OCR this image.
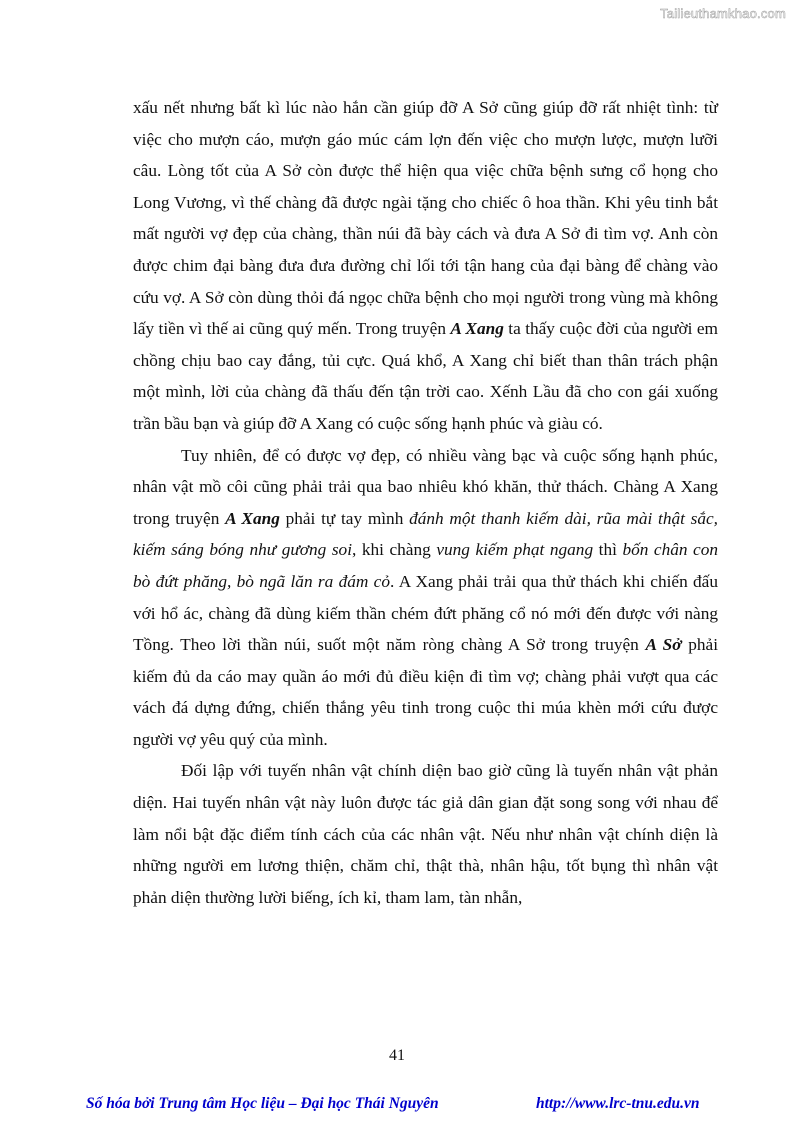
Tailieuthamkhao.com

xấu nết nhưng bất kì lúc nào hắn cần giúp đỡ A Sở cũng giúp đỡ rất nhiệt tình: từ việc cho mượn cáo, mượn gáo múc cám lợn đến việc cho mượn lược, mượn lưỡi câu. Lòng tốt của A Sở còn được thể hiện qua việc chữa bệnh sưng cổ họng cho Long Vương, vì thế chàng đã được ngài tặng cho chiếc ô hoa thần. Khi yêu tinh bắt mất người vợ đẹp của chàng, thần núi đã bày cách và đưa A Sở đi tìm vợ. Anh còn được chim đại bàng đưa đưa đường chỉ lối tới tận hang của đại bàng để chàng vào cứu vợ. A Sở còn dùng thỏi đá ngọc chữa bệnh cho mọi người trong vùng mà không lấy tiền vì thế ai cũng quý mến. Trong truyện A Xang ta thấy cuộc đời của người em chồng chịu bao cay đắng, tủi cực. Quá khổ, A Xang chỉ biết than thân trách phận một mình, lời của chàng đã thấu đến tận trời cao. Xếnh Lầu đã cho con gái xuống trần bầu bạn và giúp đỡ A Xang có cuộc sống hạnh phúc và giàu có.

Tuy nhiên, để có được vợ đẹp, có nhiều vàng bạc và cuộc sống hạnh phúc, nhân vật mồ côi cũng phải trải qua bao nhiêu khó khăn, thử thách. Chàng A Xang trong truyện A Xang phải tự tay mình đánh một thanh kiếm dài, rũa mài thật sắc, kiếm sáng bóng như gương soi, khi chàng vung kiếm phạt ngang thì bốn chân con bò đứt phăng, bò ngã lăn ra đám cỏ. A Xang phải trải qua thử thách khi chiến đấu với hổ ác, chàng đã dùng kiếm thần chém đứt phăng cổ nó mới đến được với nàng Tồng. Theo lời thần núi, suốt một năm ròng chàng A Sở trong truyện A Sở phải kiếm đủ da cáo may quần áo mới đủ điều kiện đi tìm vợ; chàng phải vượt qua các vách đá dựng đứng, chiến thắng yêu tinh trong cuộc thi múa khèn mới cứu được người vợ yêu quý của mình.

Đối lập với tuyến nhân vật chính diện bao giờ cũng là tuyến nhân vật phản diện. Hai tuyến nhân vật này luôn được tác giả dân gian đặt song song với nhau để làm nổi bật đặc điểm tính cách của các nhân vật. Nếu như nhân vật chính diện là những người em lương thiện, chăm chỉ, thật thà, nhân hậu, tốt bụng thì nhân vật phản diện thường lười biếng, ích kỉ, tham lam, tàn nhẫn,

41
Số hóa bởi Trung tâm Học liệu – Đại học Thái Nguyên	http://www.lrc-tnu.edu.vn
